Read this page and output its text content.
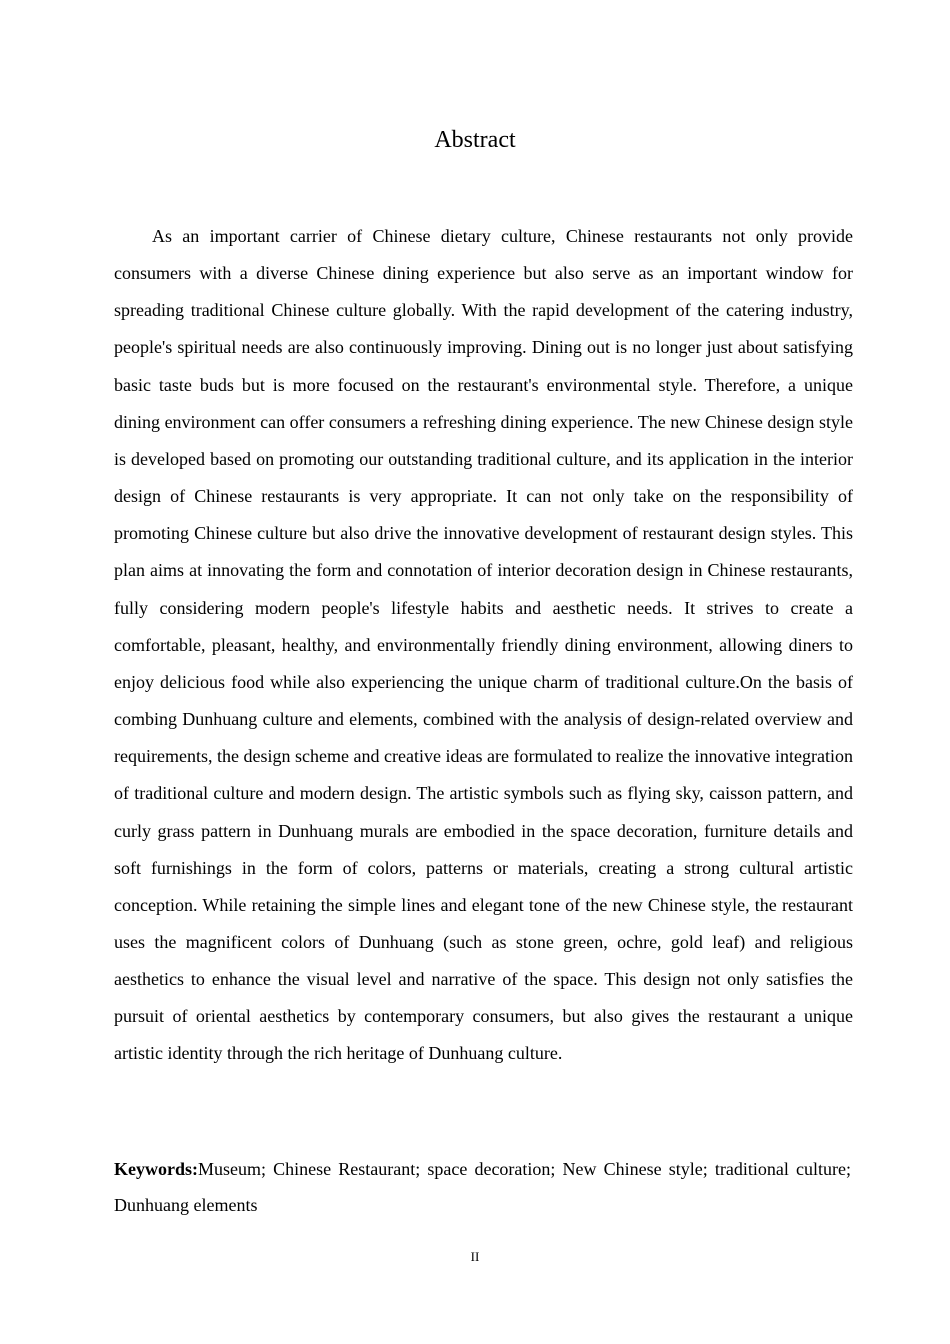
Abstract

As an important carrier of Chinese dietary culture, Chinese restaurants not only provide consumers with a diverse Chinese dining experience but also serve as an important window for spreading traditional Chinese culture globally. With the rapid development of the catering industry, people's spiritual needs are also continuously improving. Dining out is no longer just about satisfying basic taste buds but is more focused on the restaurant's environmental style. Therefore, a unique dining environment can offer consumers a refreshing dining experience. The new Chinese design style is developed based on promoting our outstanding traditional culture, and its application in the interior design of Chinese restaurants is very appropriate. It can not only take on the responsibility of promoting Chinese culture but also drive the innovative development of restaurant design styles. This plan aims at innovating the form and connotation of interior decoration design in Chinese restaurants, fully considering modern people's lifestyle habits and aesthetic needs. It strives to create a comfortable, pleasant, healthy, and environmentally friendly dining environment, allowing diners to enjoy delicious food while also experiencing the unique charm of traditional culture.On the basis of combing Dunhuang culture and elements, combined with the analysis of design-related overview and requirements, the design scheme and creative ideas are formulated to realize the innovative integration of traditional culture and modern design. The artistic symbols such as flying sky, caisson pattern, and curly grass pattern in Dunhuang murals are embodied in the space decoration, furniture details and soft furnishings in the form of colors, patterns or materials, creating a strong cultural artistic conception. While retaining the simple lines and elegant tone of the new Chinese style, the restaurant uses the magnificent colors of Dunhuang (such as stone green, ochre, gold leaf) and religious aesthetics to enhance the visual level and narrative of the space. This design not only satisfies the pursuit of oriental aesthetics by contemporary consumers, but also gives the restaurant a unique artistic identity through the rich heritage of Dunhuang culture.

Keywords:Museum; Chinese Restaurant; space decoration; New Chinese style; traditional culture; Dunhuang elements

II
